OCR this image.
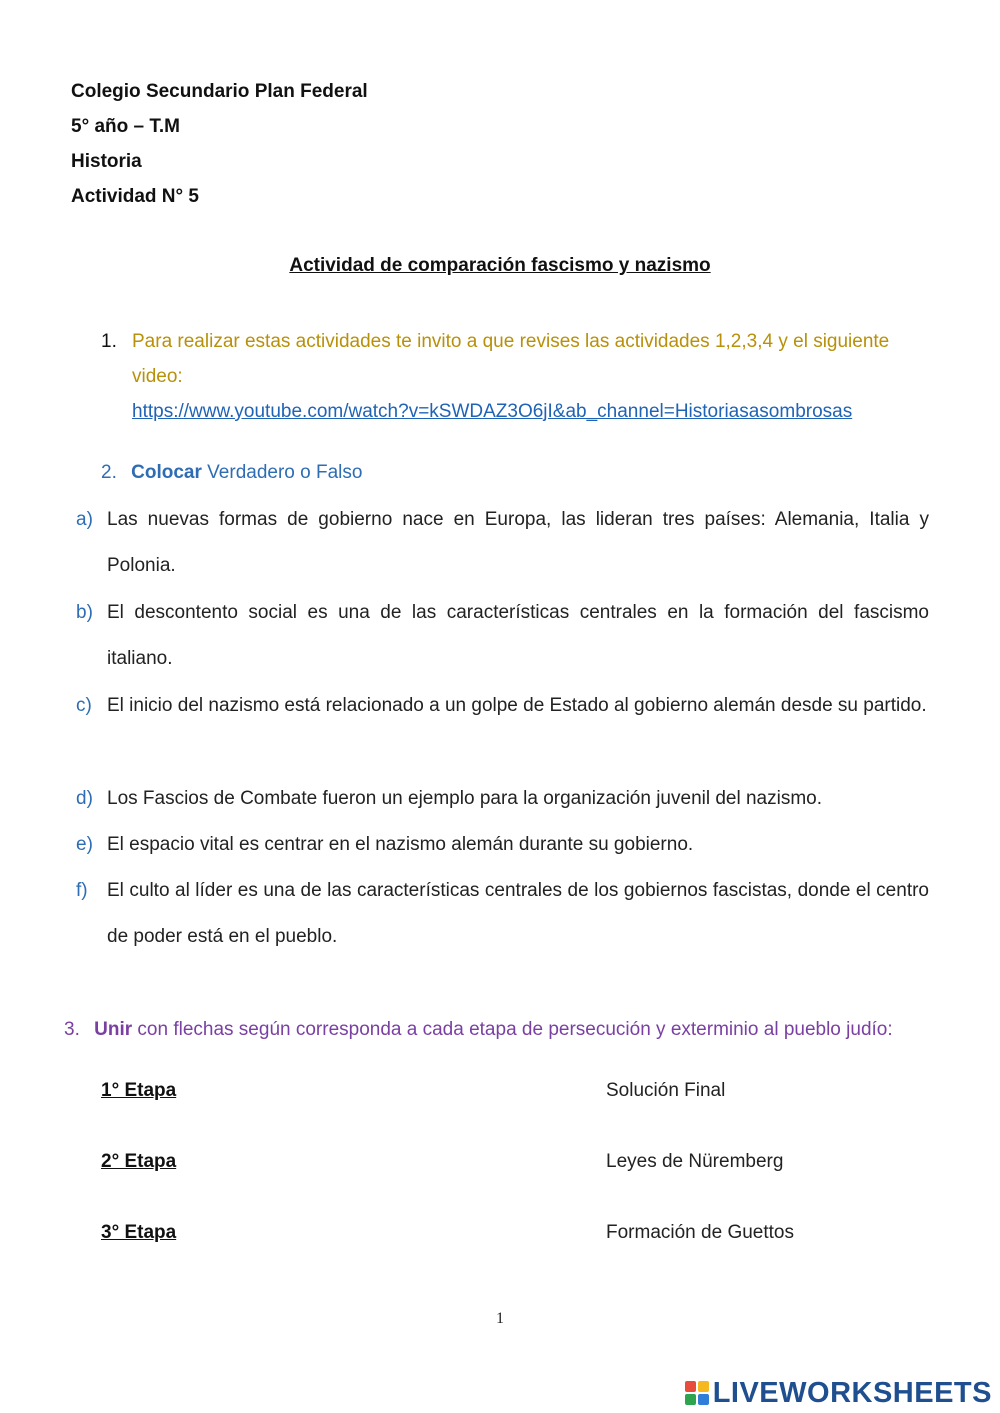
Colegio Secundario Plan Federal
5° año – T.M
Historia
Actividad N° 5
Actividad de comparación fascismo y nazismo
1. Para realizar estas actividades te invito a que revises las actividades 1,2,3,4 y el siguiente video:
https://www.youtube.com/watch?v=kSWDAZ3O6jI&ab_channel=Historiasasombrosas
2. Colocar Verdadero o Falso
a) Las nuevas formas de gobierno nace en Europa, las lideran tres países: Alemania, Italia y Polonia.
b) El descontento social es una de las características centrales en la formación del fascismo italiano.
c) El inicio del nazismo está relacionado a un golpe de Estado al gobierno alemán desde su partido.
d) Los Fascios de Combate fueron un ejemplo para la organización juvenil del nazismo.
e) El espacio vital es centrar en el nazismo alemán durante su gobierno.
f) El culto al líder es una de las características centrales de los gobiernos fascistas, donde el centro de poder está en el pueblo.
3. Unir con flechas según corresponda a cada etapa de persecución y exterminio al pueblo judío:
1° Etapa
2° Etapa
3° Etapa
Solución Final
Leyes de Nüremberg
Formación de Guettos
1
LIVEWORKSHEETS
